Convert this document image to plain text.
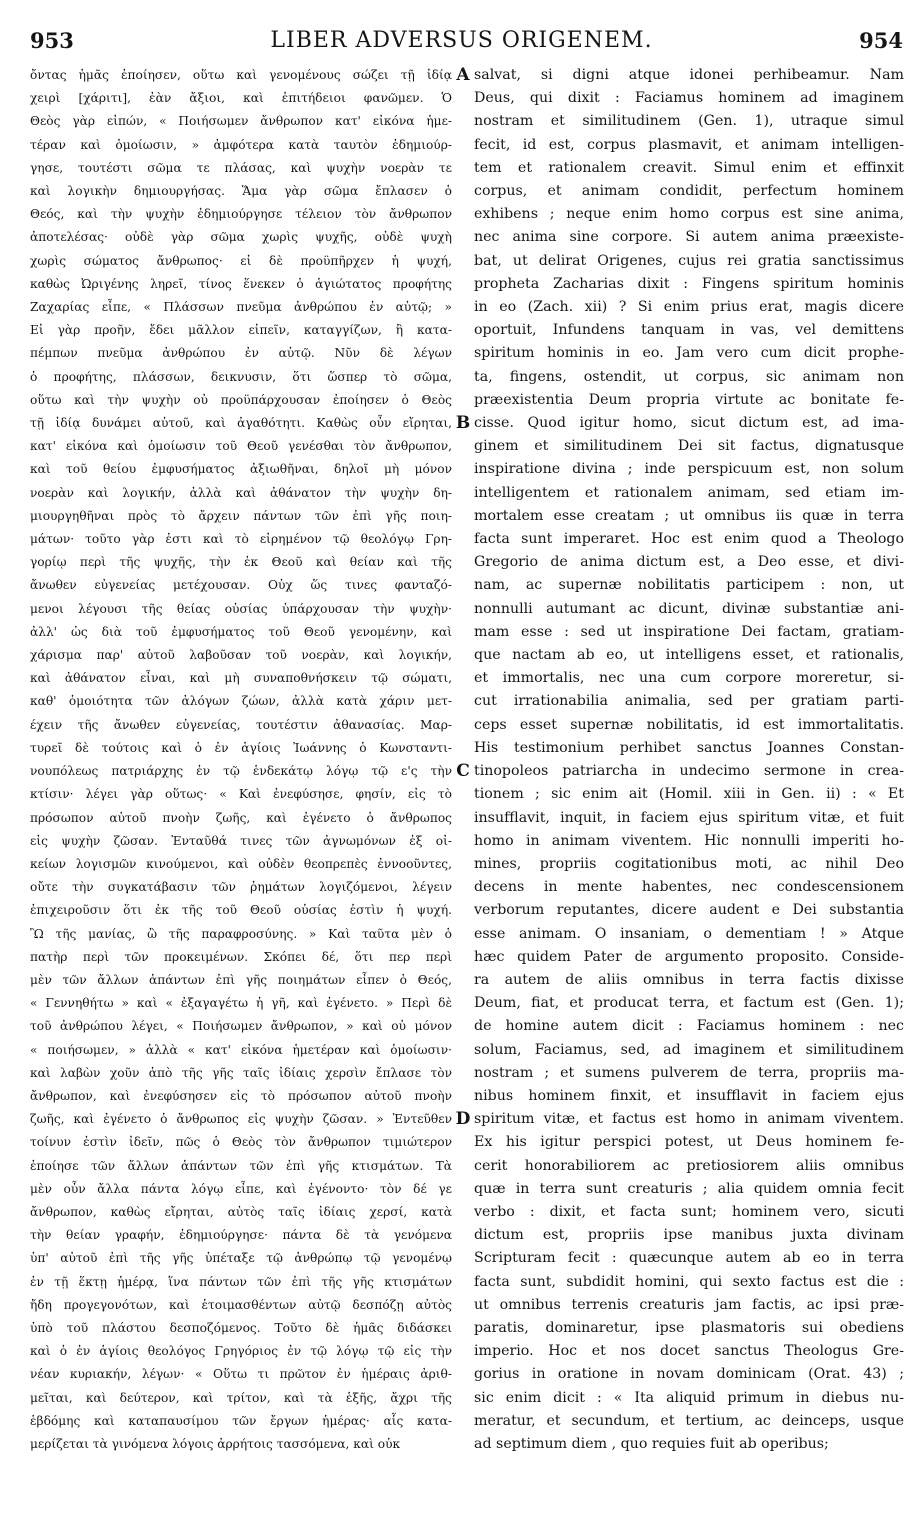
953	LIBER ADVERSUS ORIGENEM.	954
ὄντας ἡμᾶς ἐποίησεν, οὕτω καὶ γενομένους σώζει τῇ ἰδίᾳ
χειρὶ [χάριτι], ἐὰν ἄξιοι, καὶ ἐπιτήδειοι φανῶμεν. Ὁ
Θεὸς γὰρ εἰπών, « Ποιήσωμεν ἄνθρωπον κατ' εἰκόνα ἡμε-
τέραν καὶ ὁμοίωσιν, » ἀμφότερα κατὰ ταυτὸν ἐδημιούρ-
γησε, τουτέστι σῶμα τε πλάσας, καὶ ψυχὴν νοερὰν τε
καὶ λογικὴν δημιουργήσας. Ἅμα γὰρ σῶμα ἔπλασεν ὁ
Θεός, καὶ τὴν ψυχὴν ἐδημιούργησε τέλειον τὸν ἄνθρωπον
ἀποτελέσας· οὐδὲ γὰρ σῶμα χωρὶς ψυχῆς, οὐδὲ ψυχὴ
χωρὶς σώματος ἄνθρωπος· εἰ δὲ προϋπῆρχεν ἡ ψυχή,
καθὼς Ὠριγένης ληρεῖ, τίνος ἕνεκεν ὁ ἁγιώτατος προφήτης
Ζαχαρίας εἶπε, « Πλάσσων πνεῦμα ἀνθρώπου ἐν αὐτῷ; »
Εἰ γὰρ προῆν, ἔδει μᾶλλον εἰπεῖν, καταγγίζων, ἢ κατα-
πέμπων πνεῦμα ἀνθρώπου ἐν αὐτῷ. Νῦν δὲ λέγων
ὁ προφήτης, πλάσσων, δεικνυσιν, ὅτι ὥσπερ τὸ σῶμα,
οὕτω καὶ τὴν ψυχὴν οὐ προϋπάρχουσαν ἐποίησεν ὁ Θεὸς
τῇ ἰδίᾳ δυνάμει αὐτοῦ, καὶ ἀγαθότητι. Καθὼς οὖν εἴρηται,
κατ' εἰκόνα καὶ ὁμοίωσιν τοῦ Θεοῦ γενέσθαι τὸν ἄνθρωπον,
καὶ τοῦ θείου ἐμφυσήματος ἀξιωθῆναι, δηλοῖ μὴ μόνον
νοερὰν καὶ λογικήν, ἀλλὰ καὶ ἀθάνατον τὴν ψυχὴν δη-
μιουργηθῆναι πρὸς τὸ ἄρχειν πάντων τῶν ἐπὶ γῆς ποιη-
μάτων· τοῦτο γὰρ ἐστι καὶ τὸ εἰρημένον τῷ θεολόγῳ Γρη-
γορίῳ περὶ τῆς ψυχῆς, τὴν ἐκ Θεοῦ καὶ θείαν καὶ τῆς
ἄνωθεν εὐγενείας μετέχουσαν. Οὐχ ὥς τινες φανταζό-
μενοι λέγουσι τῆς θείας οὐσίας ὑπάρχουσαν τὴν ψυχὴν·
ἀλλ' ὡς διὰ τοῦ ἐμφυσήματος τοῦ Θεοῦ γενομένην, καὶ
χάρισμα παρ' αὐτοῦ λαβοῦσαν τοῦ νοερὰν, καὶ λογικήν,
καὶ ἀθάνατον εἶναι, καὶ μὴ συναποθνήσκειν τῷ σώματι,
καθ' ὁμοιότητα τῶν ἀλόγων ζώων, ἀλλὰ κατὰ χάριν μετ-
έχειν τῆς ἄνωθεν εὐγενείας, τουτέστιν ἀθανασίας. Μαρ-
τυρεῖ δὲ τούτοις καὶ ὁ ἐν ἁγίοις Ἰωάννης ὁ Κωνσταντι-
νουπόλεως πατριάρχης ἐν τῷ ἑνδεκάτῳ λόγῳ τῷ ε'ς τὴν
κτίσιν· λέγει γὰρ οὕτως· « Καὶ ἐνεφύσησε, φησίν, εἰς τὸ
πρόσωπον αὐτοῦ πνοὴν ζωῆς, καὶ ἐγένετο ὁ ἄνθρωπος
εἰς ψυχὴν ζῶσαν. Ἐνταῦθά τινες τῶν ἀγνωμόνων ἐξ οἰ-
κείων λογισμῶν κινούμενοι, καὶ οὐδὲν θεοπρεπὲς ἐννοοῦντες,
οὔτε τὴν συγκατάβασιν τῶν ῥημάτων λογιζόμενοι, λέγειν
ἐπιχειροῦσιν ὅτι ἐκ τῆς τοῦ Θεοῦ οὐσίας ἐστὶν ἡ ψυχή.
Ὢ τῆς μανίας, ὢ τῆς παραφροσύνης. » Καὶ ταῦτα μὲν ὁ
πατὴρ περὶ τῶν προκειμένων. Σκόπει δέ, ὅτι περ περὶ
μὲν τῶν ἄλλων ἁπάντων ἐπὶ γῆς ποιημάτων εἶπεν ὁ Θεός,
« Γεννηθήτω » καὶ « ἐξαγαγέτω ἡ γῆ, καὶ ἐγένετο. » Περὶ δὲ
τοῦ ἀνθρώπου λέγει, « Ποιήσωμεν ἄνθρωπον, » καὶ οὐ μόνον
« ποιήσωμεν, » ἀλλὰ « κατ' εἰκόνα ἡμετέραν καὶ ὁμοίωσιν·
καὶ λαβὼν χοῦν ἀπὸ τῆς γῆς ταῖς ἰδίαις χερσὶν ἔπλασε τὸν
ἄνθρωπον, καὶ ἐνεφύσησεν εἰς τὸ πρόσωπον αὐτοῦ πνοὴν
ζωῆς, καὶ ἐγένετο ὁ ἄνθρωπος εἰς ψυχὴν ζῶσαν. » Ἐντεῦθεν
τοίνυν ἐστὶν ἰδεῖν, πῶς ὁ Θεὸς τὸν ἄνθρωπον τιμιώτερον
ἐποίησε τῶν ἄλλων ἁπάντων τῶν ἐπὶ γῆς κτισμάτων. Τὰ
μὲν οὖν ἄλλα πάντα λόγῳ εἶπε, καὶ ἐγένοντο· τὸν δέ γε
ἄνθρωπον, καθὼς εἴρηται, αὐτὸς ταῖς ἰδίαις χερσί, κατὰ
τὴν θείαν γραφήν, ἐδημιούργησε· πάντα δὲ τὰ γενόμενα
ὑπ' αὐτοῦ ἐπὶ τῆς γῆς ὑπέταξε τῷ ἀνθρώπῳ τῷ γενομένῳ
ἐν τῇ ἕκτῃ ἡμέρᾳ, ἵνα πάντων τῶν ἐπὶ τῆς γῆς κτισμάτων
ἤδη προγεγονότων, καὶ ἑτοιμασθέντων αὐτῷ δεσπόζῃ αὐτὸς
ὑπὸ τοῦ πλάστου δεσποζόμενος. Τοῦτο δὲ ἡμᾶς διδάσκει
καὶ ὁ ἐν ἁγίοις θεολόγος Γρηγόριος ἐν τῷ λόγῳ τῷ εἰς τὴν
νέαν κυριακήν, λέγων· « Οὕτω τι πρῶτον ἐν ἡμέραις ἀριθ-
μεῖται, καὶ δεύτερον, καὶ τρίτον, καὶ τὰ ἑξῆς, ἄχρι τῆς
ἑβδόμης καὶ καταπαυσίμου τῶν ἔργων ἡμέρας· αἷς κατα-
μερίζεται τὰ γινόμενα λόγοις ἀρρήτοις τασσόμενα, καὶ οὐκ
A
B
C
D
salvat, si digni atque idonei perhibeamur. Nam
Deus, qui dixit : Faciamus hominem ad imaginem
nostram et similitudinem (Gen. 1), utraque simul
fecit, id est, corpus plasmavit, et animam intelligen-
tem et rationalem creavit. Simul enim et effinxit
corpus, et animam condidit, perfectum hominem
exhibens ; neque enim homo corpus est sine anima,
nec anima sine corpore. Si autem anima præexiste-
bat, ut delirat Origenes, cujus rei gratia sanctissimus
propheta Zacharias dixit : Fingens spiritum hominis
in eo (Zach. xii) ? Si enim prius erat, magis dicere
oportuit, Infundens tanquam in vas, vel demittens
spiritum hominis in eo. Jam vero cum dicit prophe-
ta, fingens, ostendit, ut corpus, sic animam non
præexistentia Deum propria virtute ac bonitate fe-
cisse. Quod igitur homo, sicut dictum est, ad ima-
ginem et similitudinem Dei sit factus, dignatusque
inspiratione divina ; inde perspicuum est, non solum
intelligentem et rationalem animam, sed etiam im-
mortalem esse creatam ; ut omnibus iis quæ in terra
facta sunt imperaret. Hoc est enim quod a Theologo
Gregorio de anima dictum est, a Deo esse, et divi-
nam, ac supernæ nobilitatis participem : non, ut
nonnulli autumant ac dicunt, divinæ substantiæ ani-
mam esse : sed ut inspiratione Dei factam, gratiam-
que nactam ab eo, ut intelligens esset, et rationalis,
et immortalis, nec una cum corpore moreretur, si-
cut irrationabilia animalia, sed per gratiam parti-
ceps esset supernæ nobilitatis, id est immortalitatis.
His testimonium perhibet sanctus Joannes Constan-
tinopoleos patriarcha in undecimo sermone in crea-
tionem ; sic enim ait (Homil. xiii in Gen. ii) : « Et
insufflavit, inquit, in faciem ejus spiritum vitæ, et fuit
homo in animam viventem. Hic nonnulli imperiti ho-
mines, propriis cogitationibus moti, ac nihil Deo
decens in mente habentes, nec condescensionem
verborum reputantes, dicere audent e Dei substantia
esse animam. O insaniam, o dementiam ! » Atque
hæc quidem Pater de argumento proposito. Conside-
ra autem de aliis omnibus in terra factis dixisse
Deum, fiat, et producat terra, et factum est (Gen. 1);
de homine autem dicit : Faciamus hominem : nec
solum, Faciamus, sed, ad imaginem et similitudinem
nostram ; et sumens pulverem de terra, propriis ma-
nibus hominem finxit, et insufflavit in faciem ejus
spiritum vitæ, et factus est homo in animam viventem.
Ex his igitur perspici potest, ut Deus hominem fe-
cerit honorabiliorem ac pretiosiorem aliis omnibus
quæ in terra sunt creaturis ; alia quidem omnia fecit
verbo : dixit, et facta sunt; hominem vero, sicuti
dictum est, propriis ipse manibus juxta divinam
Scripturam fecit : quæcunque autem ab eo in terra
facta sunt, subdidit homini, qui sexto factus est die :
ut omnibus terrenis creaturis jam factis, ac ipsi præ-
paratis, dominaretur, ipse plasmatoris sui obediens
imperio. Hoc et nos docet sanctus Theologus Gre-
gorius in oratione in novam dominicam (Orat. 43) ;
sic enim dicit : « Ita aliquid primum in diebus nu-
meratur, et secundum, et tertium, ac deinceps, usque
ad septimum diem , quo requies fuit ab operibus;
